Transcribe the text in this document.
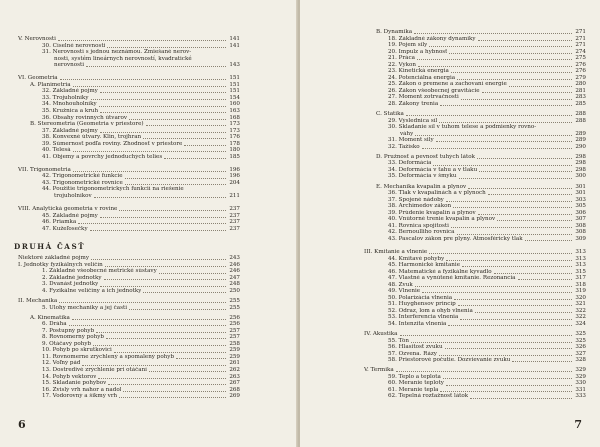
V. Nerovnosti	141
30. Číselné nerovnosti	141
31. Nerovnosti s jednou neznámou. Zmiešané nerov-
nosti, systém lineárnych nerovností, kvadratické
nerovnosti	143
VI. Geometria	151
A. Planimetria	151
32. Základné pojmy	151
33. Trojuholníky	154
34. Mnohouholníky	160
35. Kružnica a kruh	163
36. Obsahy rovinných útvarov	168
B. Stereometria (Geometria v priestore)	173
37. Základné pojmy	173
38. Konvexné útvary. Klin, trojhran	176
39. Súmernosť podľa roviny. Zhodnosť v priestore	178
40. Telesá	180
41. Objemy a povrchy jednoduchých telies	185
VII. Trigonometria	196
42. Trigonometrické funkcie	196
43. Trigonometrické rovnice	204
44. Použitie trigonometrických funkcií na riešenie
trojuholníkov	211
VIII. Analytická geometria v rovine	237
45. Základné pojmy	237
46. Priamka	237
47. Kužeľosečky	237
DRUHÁ ČASŤ
Niektoré základné pojmy	243
I. Jednotky fyzikálnych veličín	246
1. Základné všeobecné metrické sústavy	246
2. Základné jednotky	247
3. Dvanásť jednotky	248
4. Fyzikálne veličiny a ich jednotky	250
II. Mechanika	255
5. Úlohy mechaniky a jej časti	255
A. Kinematika	256
6. Dráha	256
7. Postupný pohyb	257
8. Rovnomerný pohyb	257
9. Otáčavý pohyb	258
10. Pohyb po skrutkovici	259
11. Rovnomerne zrýchlený a spomalený pohyb	259
12. Voľný pád	261
13. Dostredivé zrýchlenie pri otáčaní	262
14. Pohyb vektorov	263
15. Skladanie pohybov	267
16. Zvislý vrh nahor a nadol	268
17. Vodorovný a šikmý vrh	269
6
B. Dynamika	271
18. Základné zákony dynamiky	271
19. Pojem sily	271
20. Impulz a hybnosť	274
21. Práca	275
22. Výkon	276
23. Kinetická energia	276
24. Potenciálna energia	279
25. Zákon o premene a zachovaní energie	280
26. Zákon všeobecnej gravitácie	281
27. Moment zotrvačnosti	283
28. Zákony trenia	285
C. Statika	288
29. Výslednica síl	288
30. Skladanie síl v tuhom telese a podmienky rovno-
váhy	289
31. Moment sily	289
32. Ťažisko	290
D. Pružnosť a pevnosť tuhých látok	298
33. Deformácia	298
34. Deformácia v ťahu a v tlaku	298
35. Deformácia v šmyku	300
E. Mechanika kvapalín a plynov	301
36. Tlak v kvapalinách a v plynoch	301
37. Spojené nádoby	303
38. Archimedov zákon	305
39. Prúdenie kvapalín a plynov	306
40. Vnútorné trenie kvapalín a plynov	307
41. Rovnica spojitosti	308
42. Bernoulliho rovnica	308
43. Pascalov zákon pre plyny. Atmosférický tlak	309
III. Kmitanie a vlnenie	313
44. Kmitavé pohyby	313
45. Harmonické kmitanie	313
46. Matematické a fyzikálne kyvadlo	315
47. Vlastné a vynútené kmitanie. Rezonancia	317
48. Zvuk	318
49. Vlnenie	319
50. Polarizácia vlnenia	320
51. Huyghensov princíp	321
52. Odraz, lom a ohyb vlnenia	322
53. Interferencia vlnenia	322
54. Intenzita vlnenia	324
IV. Akustika	325
55. Tón	325
56. Hlasitosť zvuku	326
57. Ozvena. Rázy	327
58. Priestorové počutie. Dozvievanie zvuku	328
V. Termika	329
59. Teplo a teplota	329
60. Meranie teploty	330
61. Meranie tepla	331
62. Tepelná rozťažnosť látok	333
7
